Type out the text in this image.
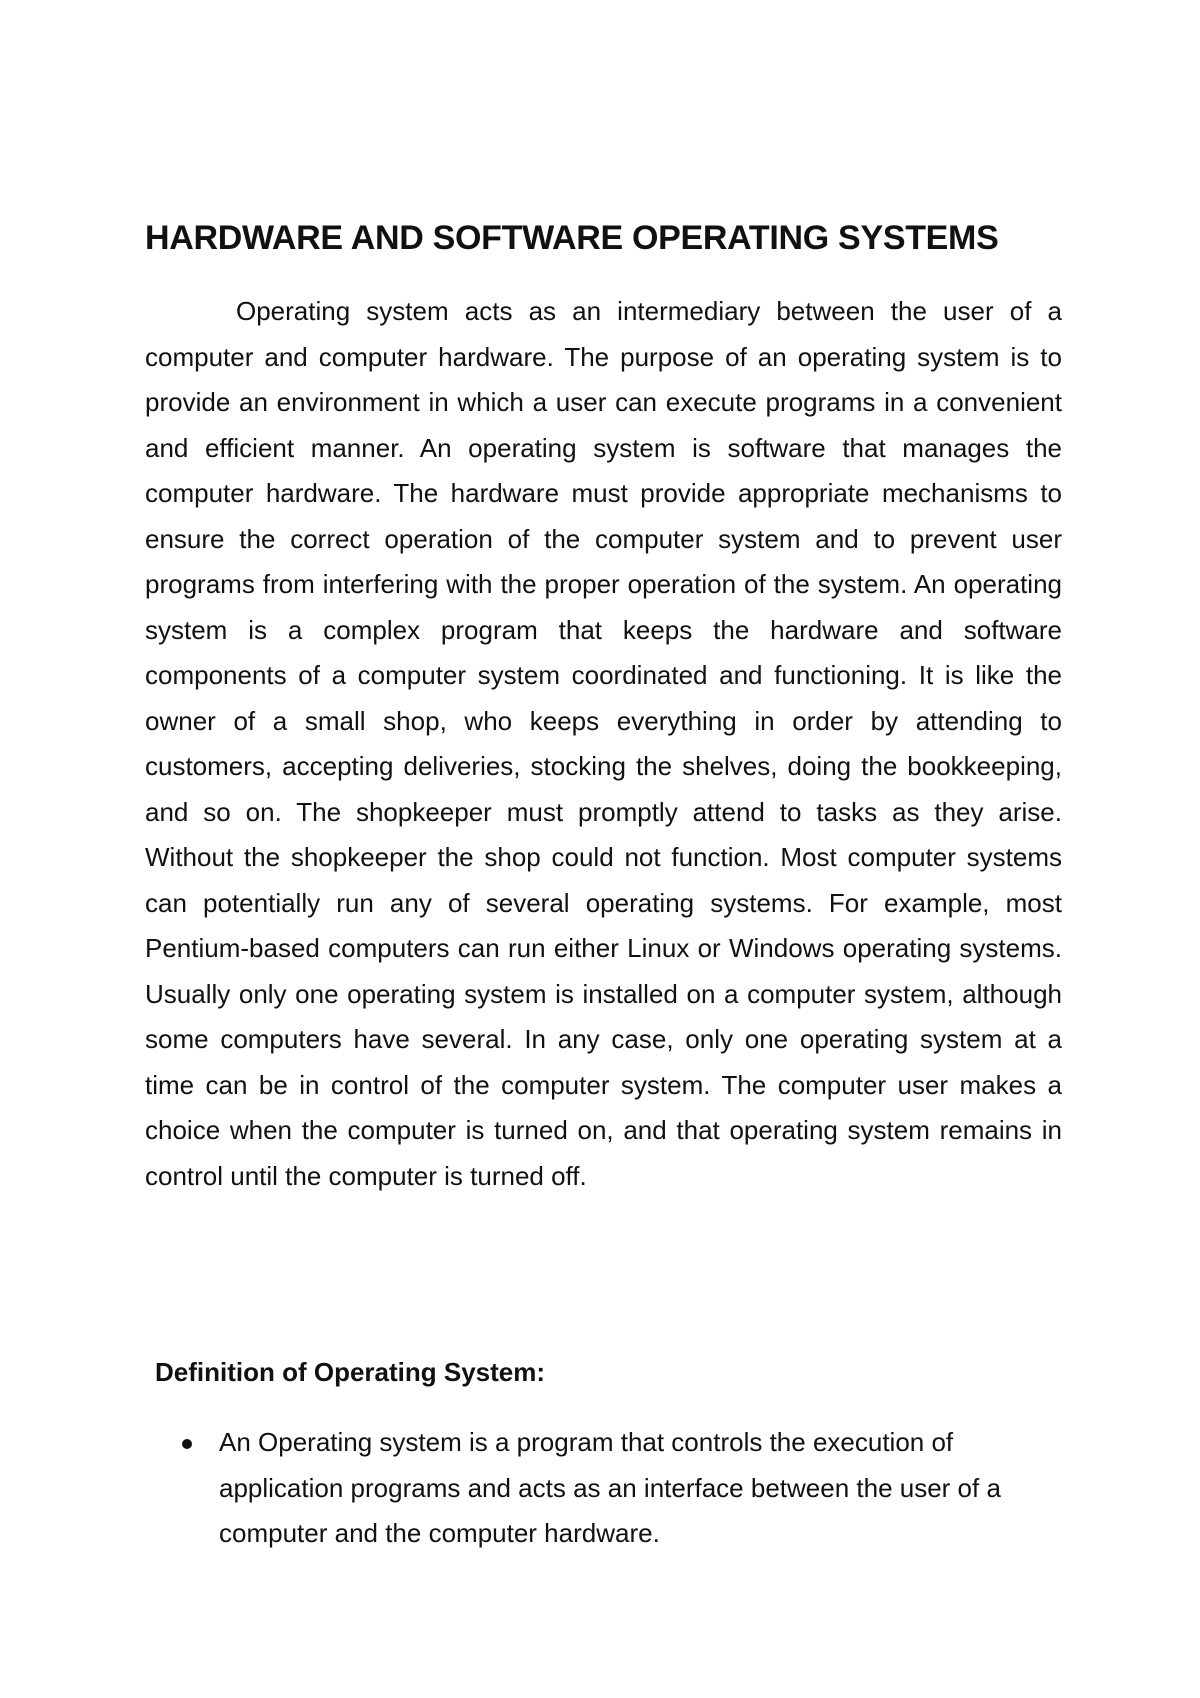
HARDWARE AND SOFTWARE OPERATING SYSTEMS

Operating system acts as an intermediary between the user of a computer and computer hardware. The purpose of an operating system is to provide an environment in which a user can execute programs in a convenient and efficient manner. An operating system is software that manages the computer hardware. The hardware must provide appropriate mechanisms to ensure the correct operation of the computer system and to prevent user programs from interfering with the proper operation of the system. An operating system is a complex program that keeps the hardware and software components of a computer system coordinated and functioning. It is like the owner of a small shop, who keeps everything in order by attending to customers, accepting deliveries, stocking the shelves, doing the bookkeeping, and so on. The shopkeeper must promptly attend to tasks as they arise. Without the shopkeeper the shop could not function. Most computer systems can potentially run any of several operating systems. For example, most Pentium-based computers can run either Linux or Windows operating systems. Usually only one operating system is installed on a computer system, although some computers have several. In any case, only one operating system at a time can be in control of the computer system. The computer user makes a choice when the computer is turned on, and that operating system remains in control until the computer is turned off.

Definition of Operating System:
An Operating system is a program that controls the execution of application programs and acts as an interface between the user of a computer and the computer hardware.
